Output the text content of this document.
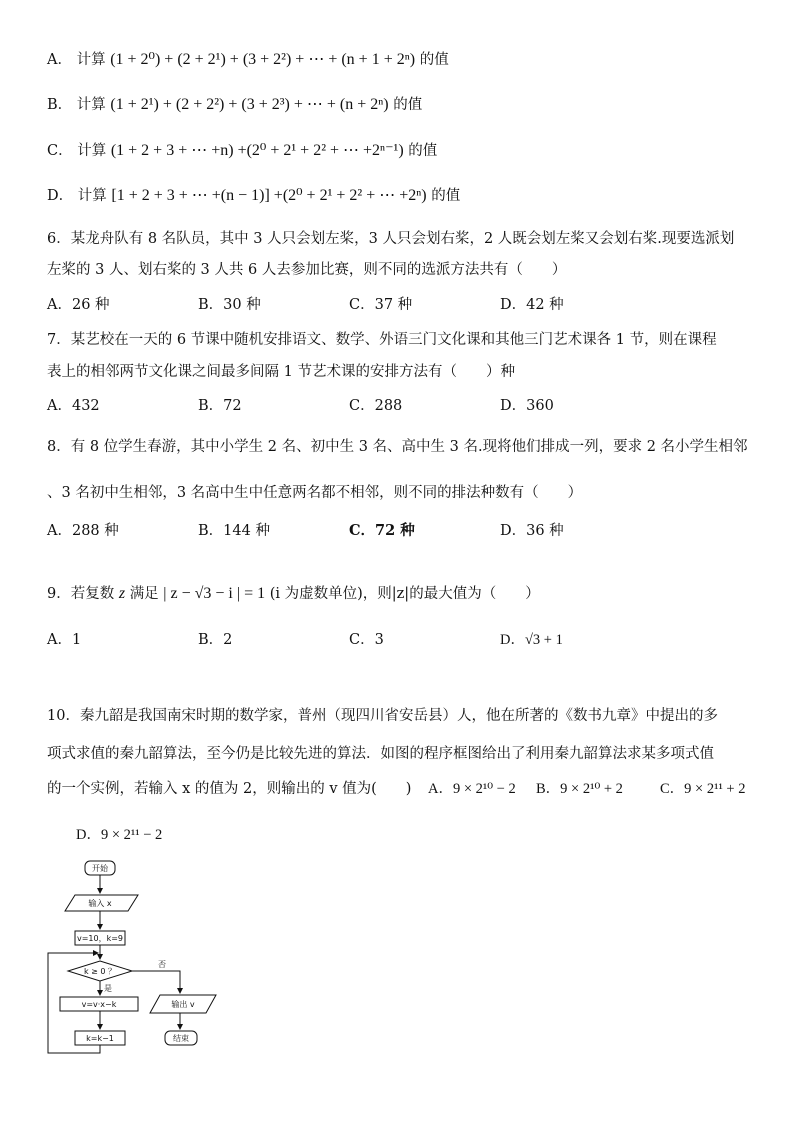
A． 计算 (1 + 2⁰) + (2 + 2¹) + (3 + 2²) + ⋯ + (n + 1 + 2ⁿ) 的值
B． 计算 (1 + 2¹) + (2 + 2²) + (3 + 2³) + ⋯ + (n + 2ⁿ) 的值
C． 计算 (1 + 2 + 3 + ⋯ +n) +(2⁰ + 2¹ + 2² + ⋯ +2ⁿ⁻¹) 的值
D． 计算 [1 + 2 + 3 + ⋯ +(n − 1)] +(2⁰ + 2¹ + 2² + ⋯ +2ⁿ) 的值
6．某龙舟队有 8 名队员，其中 3 人只会划左桨，3 人只会划右桨，2 人既会划左桨又会划右桨.现要选派划
左桨的 3 人、划右桨的 3 人共 6 人去参加比赛，则不同的选派方法共有（　　）
A．26 种	B．30 种	C．37 种	D．42 种
7．某艺校在一天的 6 节课中随机安排语文、数学、外语三门文化课和其他三门艺术课各 1 节，则在课程
表上的相邻两节文化课之间最多间隔 1 节艺术课的安排方法有（　　）种
A．432	B．72	C．288	D．360
8．有 8 位学生春游，其中小学生 2 名、初中生 3 名、高中生 3 名.现将他们排成一列，要求 2 名小学生相邻
、3 名初中生相邻，3 名高中生中任意两名都不相邻，则不同的排法种数有（　　）
A．288 种	B．144 种	C．72 种	D．36 种
9．若复数 z 满足 | z − √3 − i | = 1 (i 为虚数单位)，则|z|的最大值为（　　）
A．1	B．2	C．3	D．√3 + 1
10．秦九韶是我国南宋时期的数学家，普州（现四川省安岳县）人，他在所著的《数书九章》中提出的多
项式求值的秦九韶算法，至今仍是比较先进的算法．如图的程序框图给出了利用秦九韶算法求某多项式值
的一个实例，若输入 x 的值为 2，则输出的 v 值为(　　) A．9 × 2¹⁰ − 2 B．9 × 2¹⁰ + 2	C．9 × 2¹¹ + 2
D．9 × 2¹¹ − 2
开始
输入 x
v=10，k=9
k ≥ 0 ？
是
否
v=v·x−k
k=k−1
输出 v
结束
